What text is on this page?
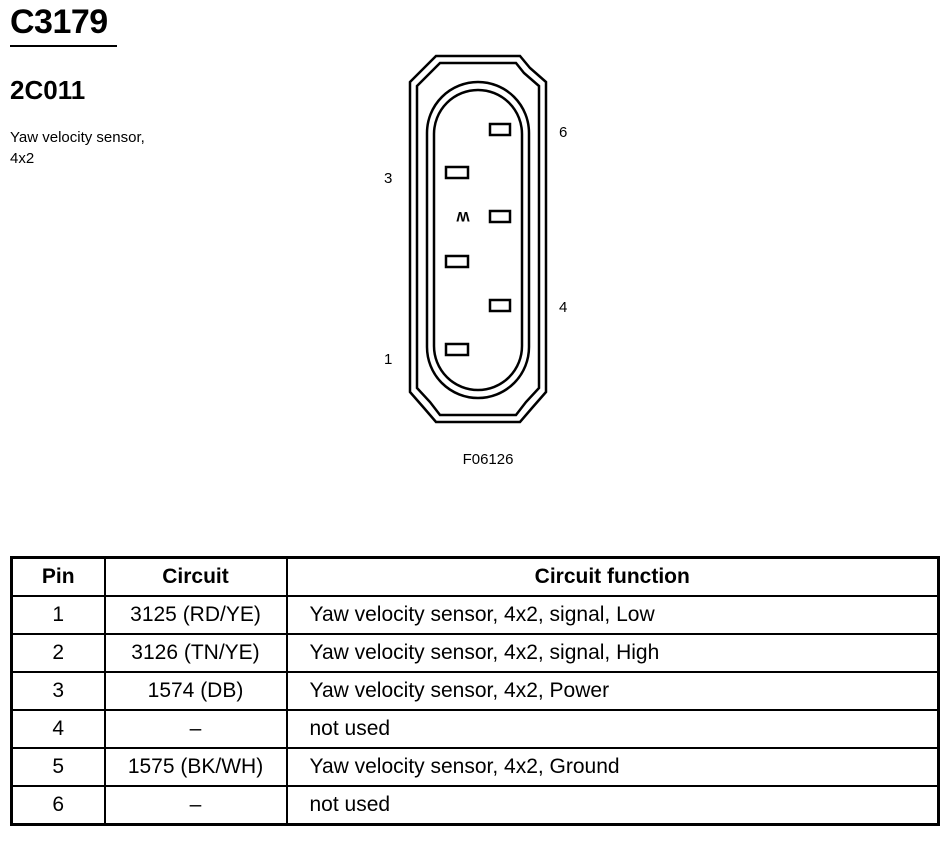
C3179
2C011
Yaw velocity sensor,
4x2
W
6
3
4
1
F06126
Pin	Circuit	Circuit function
1	3125 (RD/YE)	Yaw velocity sensor, 4x2, signal, Low
2	3126 (TN/YE)	Yaw velocity sensor, 4x2, signal, High
3	1574 (DB)	Yaw velocity sensor, 4x2, Power
4	–	not used
5	1575 (BK/WH)	Yaw velocity sensor, 4x2, Ground
6	–	not used
